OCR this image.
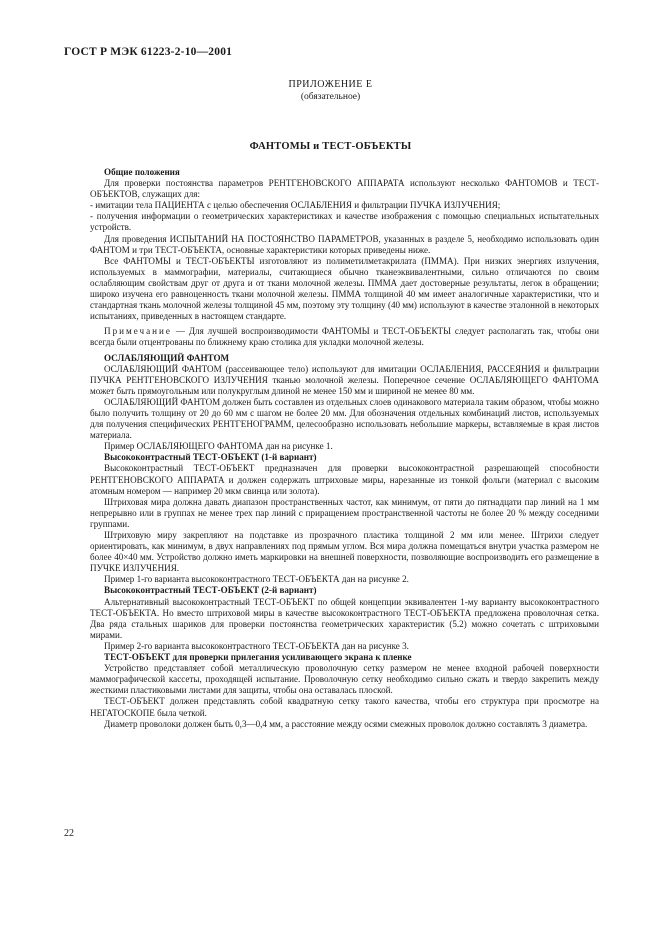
ГОСТ Р МЭК 61223-2-10—2001
ПРИЛОЖЕНИЕ Е
(обязательное)
ФАНТОМЫ и ТЕСТ-ОБЪЕКТЫ

Общие положения

Для проверки постоянства параметров РЕНТГЕНОВСКОГО АППАРАТА используют несколько ФАНТОМОВ и ТЕСТ-ОБЪЕКТОВ, служащих для:

- имитации тела ПАЦИЕНТА с целью обеспечения ОСЛАБЛЕНИЯ и фильтрации ПУЧКА ИЗЛУЧЕНИЯ;

- получения информации о геометрических характеристиках и качестве изображения с помощью специальных испытательных устройств.

Для проведения ИСПЫТАНИЙ НА ПОСТОЯНСТВО ПАРАМЕТРОВ, указанных в разделе 5, необходимо использовать один ФАНТОМ и три ТЕСТ-ОБЪЕКТА, основные характеристики которых приведены ниже.

Все ФАНТОМЫ и ТЕСТ-ОБЪЕКТЫ изготовляют из полиметилметакрилата (ПММА). При низких энергиях излучения, используемых в маммографии, материалы, считающиеся обычно тканеэквивалентными, сильно отличаются по своим ослабляющим свойствам друг от друга и от ткани молочной железы. ПММА дает достоверные результаты, легок в обращении; широко изучена его равноценность ткани молочной железы. ПММА толщиной 40 мм имеет аналогичные характеристики, что и стандартная ткань молочной железы толщиной 45 мм, поэтому эту толщину (40 мм) используют в качестве эталонной в некоторых испытаниях, приведенных в настоящем стандарте.

Примечание — Для лучшей воспроизводимости ФАНТОМЫ и ТЕСТ-ОБЪЕКТЫ следует располагать так, чтобы они всегда были отцентрованы по ближнему краю столика для укладки молочной железы.

ОСЛАБЛЯЮЩИЙ ФАНТОМ

ОСЛАБЛЯЮЩИЙ ФАНТОМ (рассеивающее тело) используют для имитации ОСЛАБЛЕНИЯ, РАССЕЯНИЯ и фильтрации ПУЧКА РЕНТГЕНОВСКОГО ИЗЛУЧЕНИЯ тканью молочной железы. Поперечное сечение ОСЛАБЛЯЮЩЕГО ФАНТОМА может быть прямоугольным или полукруглым длиной не менее 150 мм и шириной не менее 80 мм.

ОСЛАБЛЯЮЩИЙ ФАНТОМ должен быть составлен из отдельных слоев одинакового материала таким образом, чтобы можно было получить толщину от 20 до 60 мм с шагом не более 20 мм. Для обозначения отдельных комбинаций листов, используемых для получения специфических РЕНТГЕНОГРАММ, целесообразно использовать небольшие маркеры, вставляемые в края листов материала.

Пример ОСЛАБЛЯЮЩЕГО ФАНТОМА дан на рисунке 1.

Высококонтрастный ТЕСТ-ОБЪЕКТ (1-й вариант)

Высококонтрастный ТЕСТ-ОБЪЕКТ предназначен для проверки высококонтрастной разрешающей способности РЕНТГЕНОВСКОГО АППАРАТА и должен содержать штриховые миры, нарезанные из тонкой фольги (материал с высоким атомным номером — например 20 мкм свинца или золота).

Штриховая мира должна давать диапазон пространственных частот, как минимум, от пяти до пятнадцати пар линий на 1 мм непрерывно или в группах не менее трех пар линий с приращением пространственной частоты не более 20 % между соседними группами.

Штриховую миру закрепляют на подставке из прозрачного пластика толщиной 2 мм или менее. Штрихи следует ориентировать, как минимум, в двух направлениях под прямым углом. Вся мира должна помещаться внутри участка размером не более 40×40 мм. Устройство должно иметь маркировки на внешней поверхности, позволяющие воспроизводить его размещение в ПУЧКЕ ИЗЛУЧЕНИЯ.

Пример 1-го варианта высококонтрастного ТЕСТ-ОБЪЕКТА дан на рисунке 2.

Высококонтрастный ТЕСТ-ОБЪЕКТ (2-й вариант)

Альтернативный высококонтрастный ТЕСТ-ОБЪЕКТ по общей концепции эквивалентен 1-му варианту высококонтрастного ТЕСТ-ОБЪЕКТА. Но вместо штриховой миры в качестве высококонтрастного ТЕСТ-ОБЪЕКТА предложена проволочная сетка. Два ряда стальных шариков для проверки постоянства геометрических характеристик (5.2) можно сочетать с штриховыми мирами.

Пример 2-го варианта высококонтрастного ТЕСТ-ОБЪЕКТА дан на рисунке 3.

ТЕСТ-ОБЪЕКТ для проверки прилегания усиливающего экрана к пленке

Устройство представляет собой металлическую проволочную сетку размером не менее входной рабочей поверхности маммографической кассеты, проходящей испытание. Проволочную сетку необходимо сильно сжать и твердо закрепить между жесткими пластиковыми листами для защиты, чтобы она оставалась плоской.

ТЕСТ-ОБЪЕКТ должен представлять собой квадратную сетку такого качества, чтобы его структура при просмотре на НЕГАТОСКОПЕ была четкой.

Диаметр проволоки должен быть 0,3—0,4 мм, а расстояние между осями смежных проволок должно составлять 3 диаметра.

22
